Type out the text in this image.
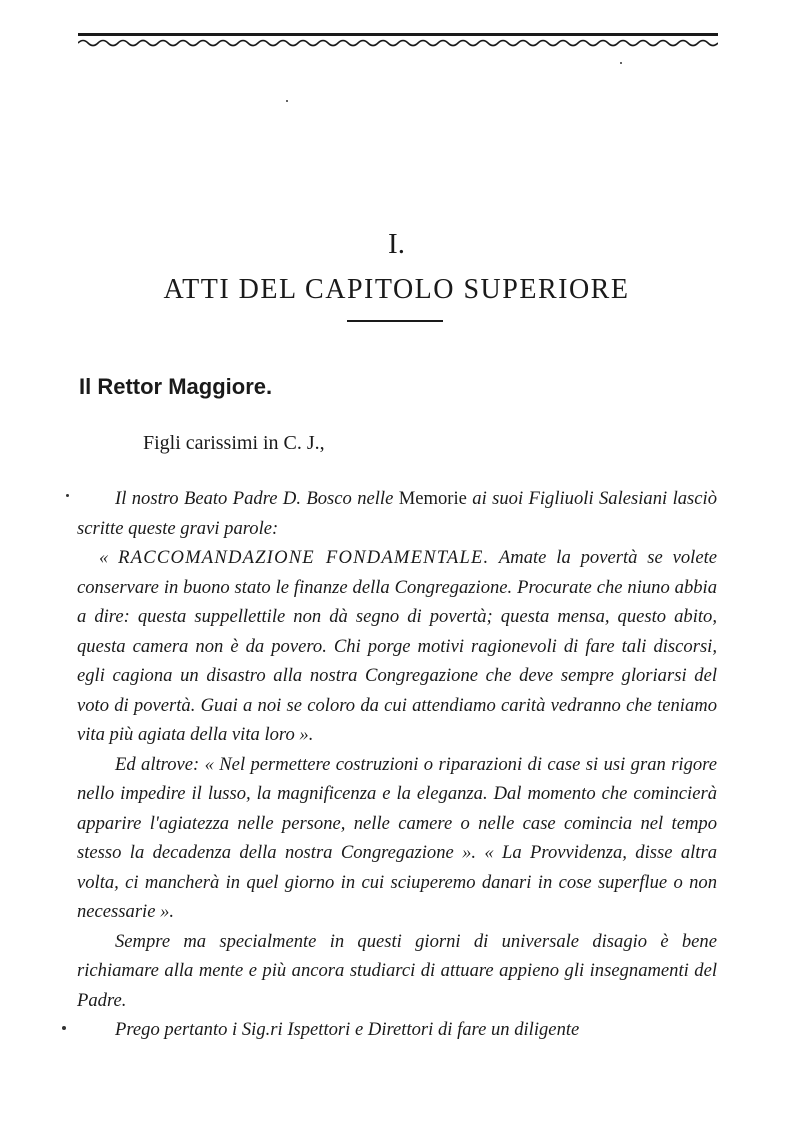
I.
ATTI DEL CAPITOLO SUPERIORE
Il Rettor Maggiore.
Figli carissimi in C. J.,

Il nostro Beato Padre D. Bosco nelle Memorie ai suoi Figliuoli Salesiani lasciò scritte queste gravi parole:

« RACCOMANDAZIONE FONDAMENTALE. Amate la povertà se volete conservare in buono stato le finanze della Congregazione. Procurate che niuno abbia a dire: questa suppellettile non dà segno di povertà; questa mensa, questo abito, questa camera non è da povero. Chi porge motivi ragionevoli di fare tali discorsi, egli cagiona un disastro alla nostra Congregazione che deve sempre gloriarsi del voto di povertà. Guai a noi se coloro da cui attendiamo carità vedranno che teniamo vita più agiata della vita loro ».

Ed altrove: « Nel permettere costruzioni o riparazioni di case si usi gran rigore nello impedire il lusso, la magnificenza e la eleganza. Dal momento che comincierà apparire l'agiatezza nelle persone, nelle camere o nelle case comincia nel tempo stesso la decadenza della nostra Congregazione ». « La Provvidenza, disse altra volta, ci mancherà in quel giorno in cui sciuperemo danari in cose superflue o non necessarie ».

Sempre ma specialmente in questi giorni di universale disagio è bene richiamare alla mente e più ancora studiarci di attuare appieno gli insegnamenti del Padre.

Prego pertanto i Sig.ri Ispettori e Direttori di fare un diligente
